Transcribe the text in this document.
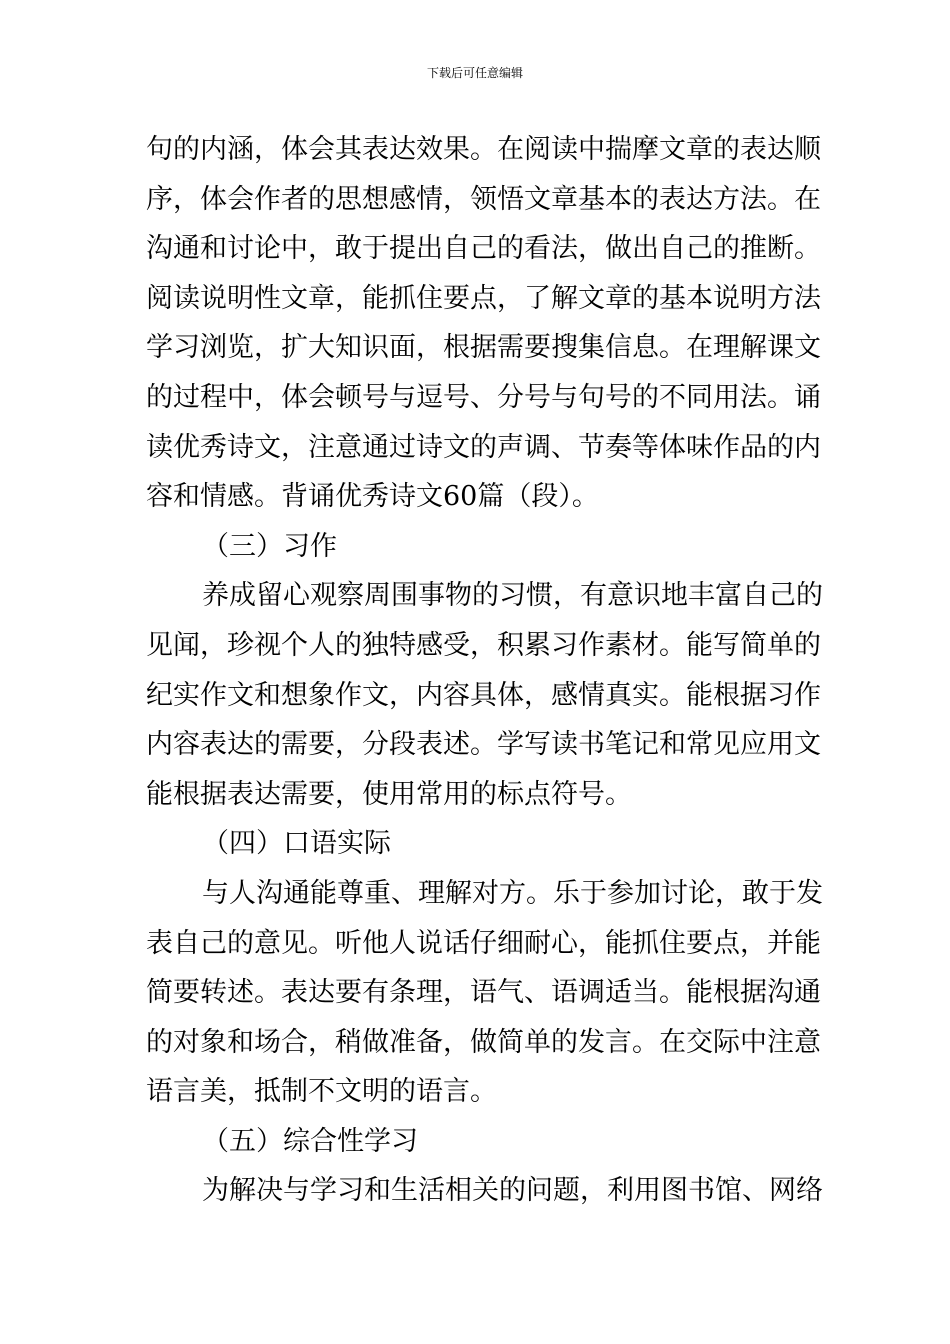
下载后可任意编辑
句的内涵，体会其表达效果。在阅读中揣摩文章的表达顺
序，体会作者的思想感情，领悟文章基本的表达方法。在
沟通和讨论中，敢于提出自己的看法，做出自己的推断。
阅读说明性文章，能抓住要点，了解文章的基本说明方法
学习浏览，扩大知识面，根据需要搜集信息。在理解课文
的过程中，体会顿号与逗号、分号与句号的不同用法。诵
读优秀诗文，注意通过诗文的声调、节奏等体味作品的内
容和情感。背诵优秀诗文60篇（段）。
（三）习作
养成留心观察周围事物的习惯，有意识地丰富自己的
见闻，珍视个人的独特感受，积累习作素材。能写简单的
纪实作文和想象作文，内容具体，感情真实。能根据习作
内容表达的需要，分段表述。学写读书笔记和常见应用文
能根据表达需要，使用常用的标点符号。
（四）口语实际
与人沟通能尊重、理解对方。乐于参加讨论，敢于发
表自己的意见。听他人说话仔细耐心，能抓住要点，并能
简要转述。表达要有条理，语气、语调适当。能根据沟通
的对象和场合，稍做准备，做简单的发言。在交际中注意
语言美，抵制不文明的语言。
（五）综合性学习
为解决与学习和生活相关的问题，利用图书馆、网络
